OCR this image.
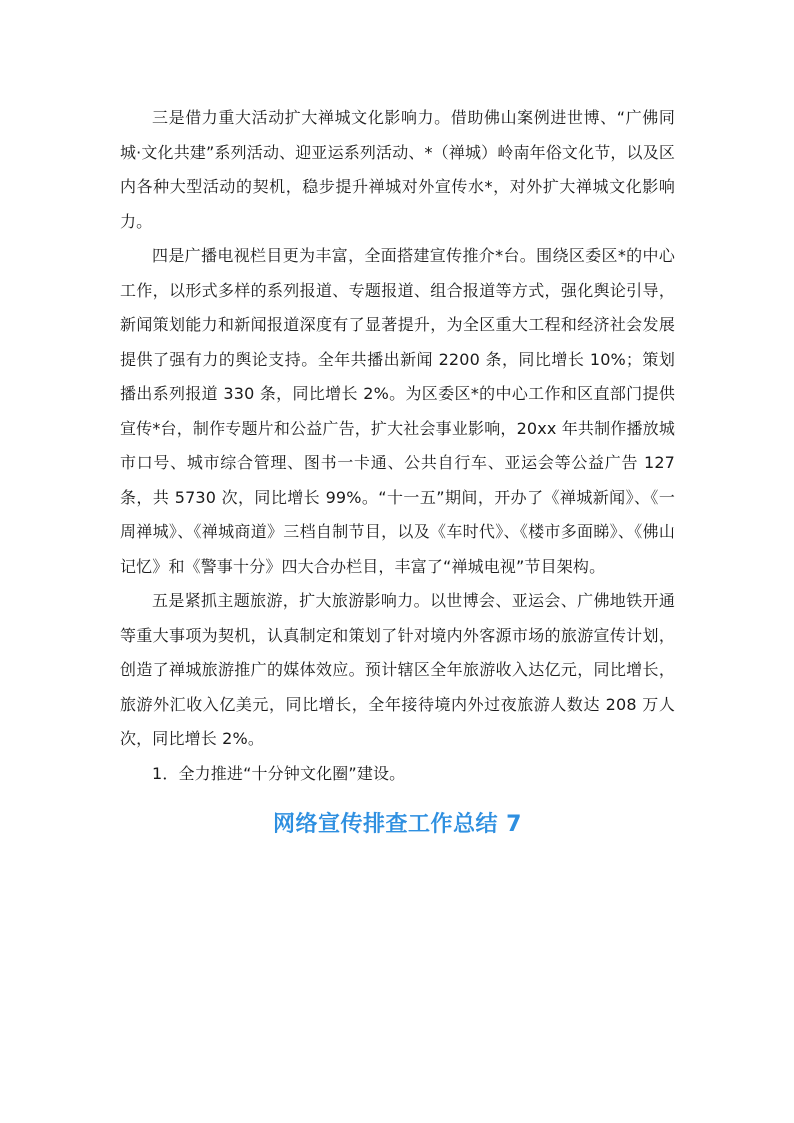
三是借力重大活动扩大禅城文化影响力。借助佛山案例进世博、“广佛同城·文化共建”系列活动、迎亚运系列活动、*（禅城）岭南年俗文化节，以及区内各种大型活动的契机，稳步提升禅城对外宣传水*，对外扩大禅城文化影响力。

四是广播电视栏目更为丰富，全面搭建宣传推介*台。围绕区委区*的中心工作，以形式多样的系列报道、专题报道、组合报道等方式，强化舆论引导，新闻策划能力和新闻报道深度有了显著提升，为全区重大工程和经济社会发展提供了强有力的舆论支持。全年共播出新闻 2200 条，同比增长 10%；策划播出系列报道 330 条，同比增长 2%。为区委区*的中心工作和区直部门提供宣传*台，制作专题片和公益广告，扩大社会事业影响，20xx 年共制作播放城市口号、城市综合管理、图书一卡通、公共自行车、亚运会等公益广告 127 条，共 5730 次，同比增长 99%。“十一五”期间，开办了《禅城新闻》、《一周禅城》、《禅城商道》三档自制节目，以及《车时代》、《楼市多面睇》、《佛山记忆》和《警事十分》四大合办栏目，丰富了“禅城电视”节目架构。

五是紧抓主题旅游，扩大旅游影响力。以世博会、亚运会、广佛地铁开通等重大事项为契机，认真制定和策划了针对境内外客源市场的旅游宣传计划，创造了禅城旅游推广的媒体效应。预计辖区全年旅游收入达亿元，同比增长，旅游外汇收入亿美元，同比增长，全年接待境内外过夜旅游人数达 208 万人次，同比增长 2%。

1．全力推进“十分钟文化圈”建设。

网络宣传排查工作总结 7
